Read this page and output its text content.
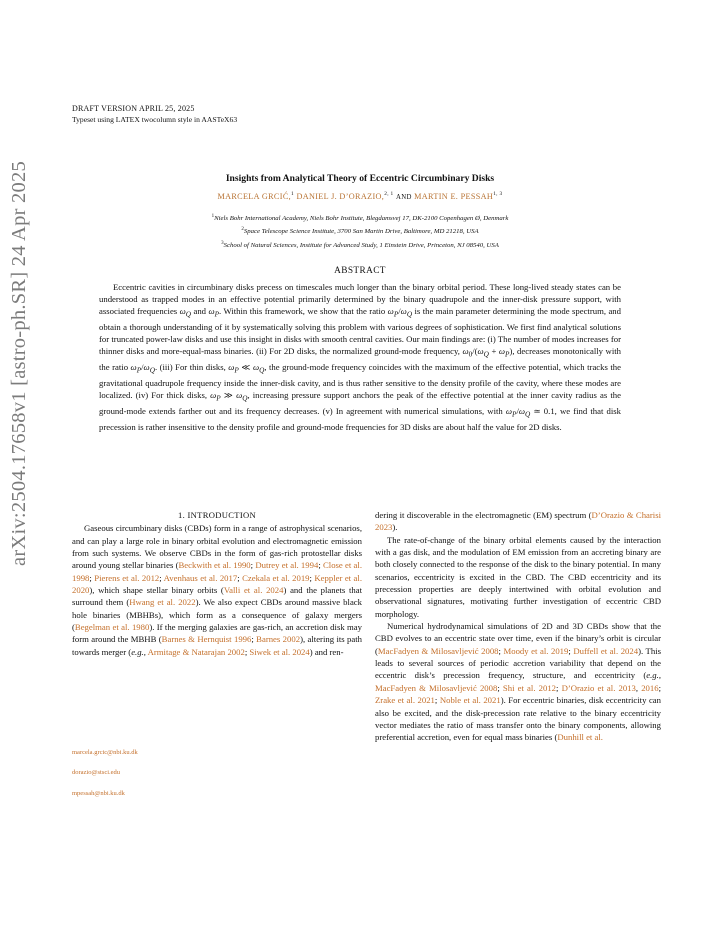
arXiv:2504.17658v1 [astro-ph.SR] 24 Apr 2025
DRAFT VERSION APRIL 25, 2025
Typeset using LATEX twocolumn style in AASTeX63
Insights from Analytical Theory of Eccentric Circumbinary Disks
MARCELA GRCIĆ,$^1$ DANIEL J. D’ORAZIO,$^{2, 1}$ AND MARTIN E. PESSAH$^{1, 3}$
$^1$Niels Bohr International Academy, Niels Bohr Institute, Blegdamsvej 17, DK-2100 Copenhagen Ø, Denmark
$^2$Space Telescope Science Institute, 3700 San Martin Drive, Baltimore, MD 21218, USA
$^3$School of Natural Sciences, Institute for Advanced Study, 1 Einstein Drive, Princeton, NJ 08540, USA
ABSTRACT

Eccentric cavities in circumbinary disks precess on timescales much longer than the binary orbital period. These long-lived steady states can be understood as trapped modes in an effective potential primarily determined by the binary quadrupole and the inner-disk pressure support, with associated frequencies $\omega_Q$ and $\omega_P$. Within this framework, we show that the ratio $\omega_P/\omega_Q$ is the main parameter determining the mode spectrum, and obtain a thorough understanding of it by systematically solving this problem with various degrees of sophistication. We first find analytical solutions for truncated power-law disks and use this insight in disks with smooth central cavities. Our main findings are: (i) The number of modes increases for thinner disks and more-equal-mass binaries. (ii) For 2D disks, the normalized ground-mode frequency, $\omega_0/(\omega_Q + \omega_P)$, decreases monotonically with the ratio $\omega_P/\omega_Q$. (iii) For thin disks, $\omega_P$ ≪ $\omega_Q$, the ground-mode frequency coincides with the maximum of the effective potential, which tracks the gravitational quadrupole frequency inside the inner-disk cavity, and is thus rather sensitive to the density profile of the cavity, where these modes are localized. (iv) For thick disks, $\omega_P$ ≫ $\omega_Q$, increasing pressure support anchors the peak of the effective potential at the inner cavity radius as the ground-mode extends farther out and its frequency decreases. (v) In agreement with numerical simulations, with $\omega_P/\omega_Q$ ≃ 0.1, we find that disk precession is rather insensitive to the density profile and ground-mode frequencies for 3D disks are about half the value for 2D disks.

1. INTRODUCTION

Gaseous circumbinary disks (CBDs) form in a range of astrophysical scenarios, and can play a large role in binary orbital evolution and electromagnetic emission from such systems. We observe CBDs in the form of gas-rich protostellar disks around young stellar binaries (Beckwith et al. 1990; Dutrey et al. 1994; Close et al. 1998; Pierens et al. 2012; Avenhaus et al. 2017; Czekala et al. 2019; Keppler et al. 2020), which shape stellar binary orbits (Valli et al. 2024) and the planets that surround them (Hwang et al. 2022). We also expect CBDs around massive black hole binaries (MBHBs), which form as a consequence of galaxy mergers (Begelman et al. 1980). If the merging galaxies are gas-rich, an accretion disk may form around the MBHB (Barnes & Hernquist 1996; Barnes 2002), altering its path towards merger (e.g., Armitage & Natarajan 2002; Siwek et al. 2024) and ren-

marcela.grcic@nbi.ku.dk
dorazio@stsci.edu
mpessah@nbi.ku.dk

dering it discoverable in the electromagnetic (EM) spectrum (D’Orazio & Charisi 2023).

The rate-of-change of the binary orbital elements caused by the interaction with a gas disk, and the modulation of EM emission from an accreting binary are both closely connected to the response of the disk to the binary potential. In many scenarios, eccentricity is excited in the CBD. The CBD eccentricity and its precession properties are deeply intertwined with orbital evolution and observational signatures, motivating further investigation of eccentric CBD morphology.

Numerical hydrodynamical simulations of 2D and 3D CBDs show that the CBD evolves to an eccentric state over time, even if the binary’s orbit is circular (MacFadyen & Milosavljević 2008; Moody et al. 2019; Duffell et al. 2024). This leads to several sources of periodic accretion variability that depend on the eccentric disk’s precession frequency, structure, and eccentricity (e.g., MacFadyen & Milosavljević 2008; Shi et al. 2012; D’Orazio et al. 2013, 2016; Zrake et al. 2021; Noble et al. 2021). For eccentric binaries, disk eccentricity can also be excited, and the disk-precession rate relative to the binary eccentricity vector mediates the ratio of mass transfer onto the binary components, allowing preferential accretion, even for equal mass binaries (Dunhill et al.
